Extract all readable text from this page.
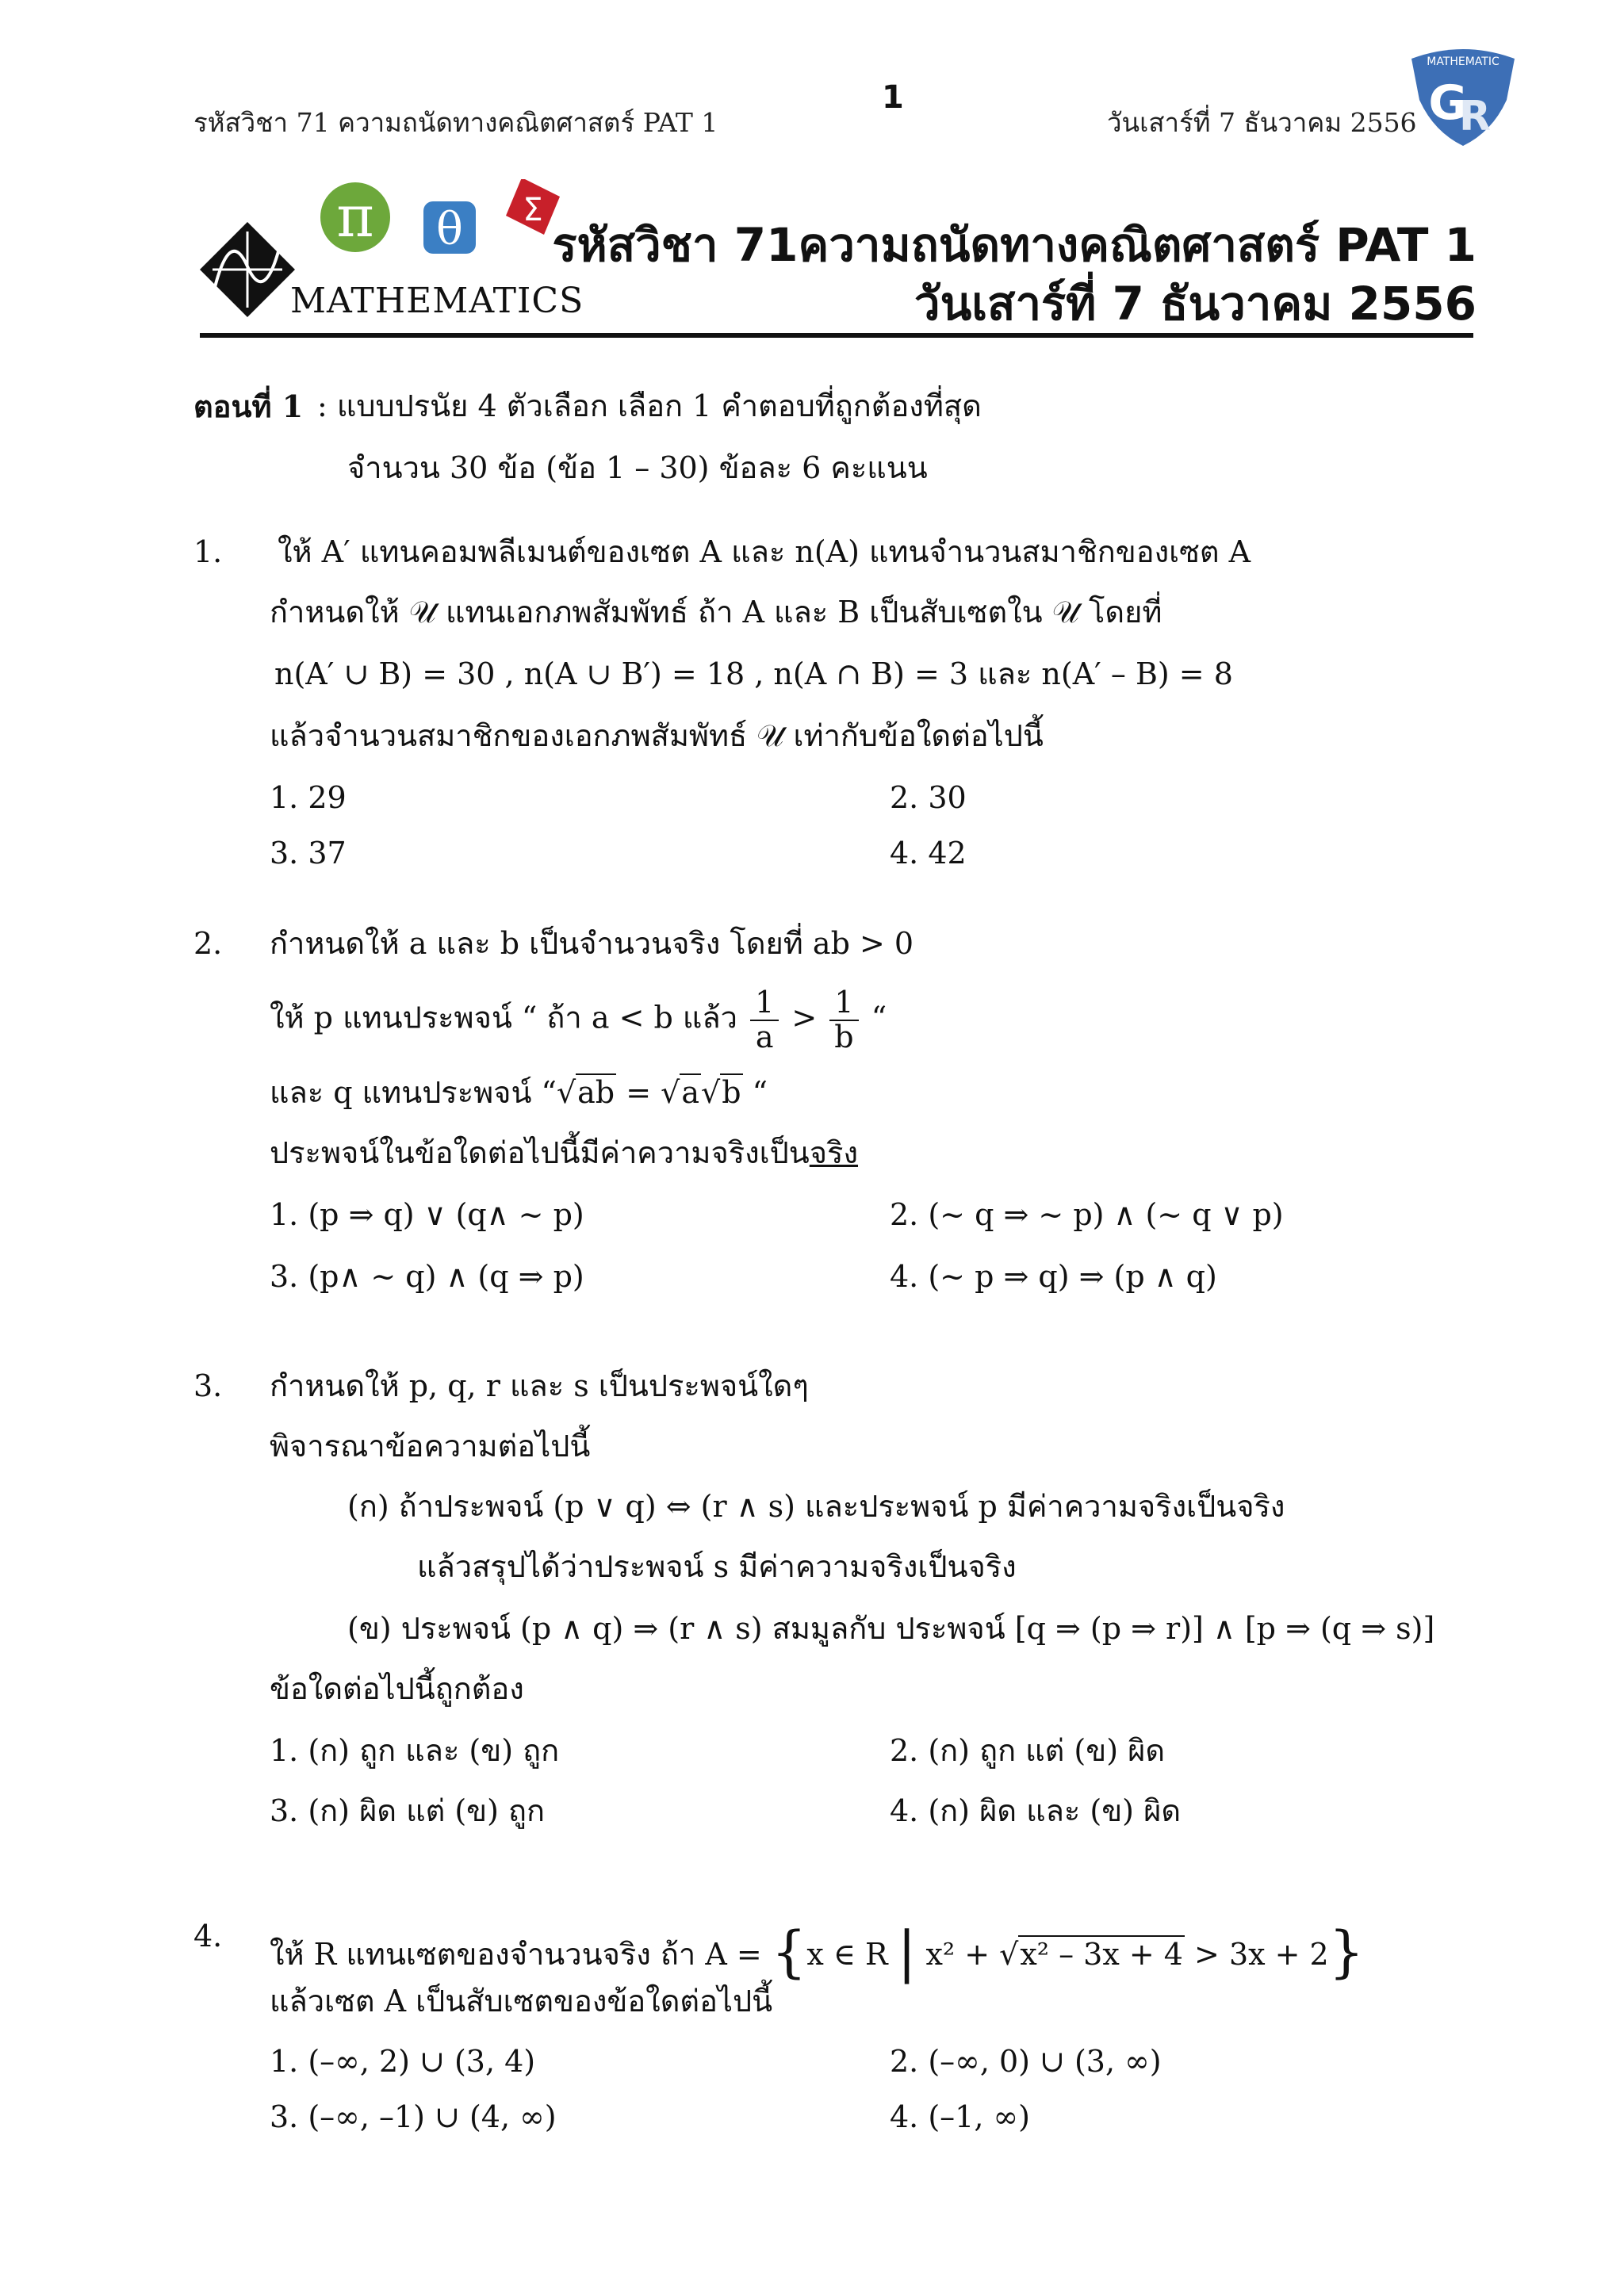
รหัสวิชา 71 ความถนัดทางคณิตศาสตร์ PAT 1
1
วันเสาร์ที่ 7 ธันวาคม 2556
MATHEMATIC
G
R
π θ Σ
MATHEMATICS
รหัสวิชา 71ความถนัดทางคณิตศาสตร์ PAT 1
วันเสาร์ที่ 7 ธันวาคม 2556
ตอนที่ 1 : แบบปรนัย 4 ตัวเลือก เลือก 1 คำตอบที่ถูกต้องที่สุด
จำนวน 30 ข้อ (ข้อ 1 – 30) ข้อละ 6 คะแนน
1. ให้ A′ แทนคอมพลีเมนต์ของเซต A และ n(A) แทนจำนวนสมาชิกของเซต A
กำหนดให้ 𝒰 แทนเอกภพสัมพัทธ์ ถ้า A และ B เป็นสับเซตใน 𝒰 โดยที่
n(A′ ∪ B) = 30 , n(A ∪ B′) = 18 , n(A ∩ B) = 3 และ n(A′ – B) = 8
แล้วจำนวนสมาชิกของเอกภพสัมพัทธ์ 𝒰 เท่ากับข้อใดต่อไปนี้
1. 29	2. 30
3. 37	4. 42
2. กำหนดให้ a และ b เป็นจำนวนจริง โดยที่ ab > 0
ให้ p แทนประพจน์ “ ถ้า a < b แล้ว $\frac{1}{a} > \frac{1}{b}$ “
และ q แทนประพจน์ “√ab = √a√b “
ประพจน์ในข้อใดต่อไปนี้มีค่าความจริงเป็นจริง
1. (p ⇒ q) ∨ (q∧ ~ p)	2. (~ q ⇒ ~ p) ∧ (~ q ∨ p)
3. (p∧ ~ q) ∧ (q ⇒ p)	4. (~ p ⇒ q) ⇒ (p ∧ q)
3. กำหนดให้ p, q, r และ s เป็นประพจน์ใดๆ
พิจารณาข้อความต่อไปนี้
(ก) ถ้าประพจน์ (p ∨ q) ⇔ (r ∧ s) และประพจน์ p มีค่าความจริงเป็นจริง
แล้วสรุปได้ว่าประพจน์ s มีค่าความจริงเป็นจริง
(ข) ประพจน์ (p ∧ q) ⇒ (r ∧ s) สมมูลกับ ประพจน์ [q ⇒ (p ⇒ r)] ∧ [p ⇒ (q ⇒ s)]
ข้อใดต่อไปนี้ถูกต้อง
1. (ก) ถูก และ (ข) ถูก	2. (ก) ถูก แต่ (ข) ผิด
3. (ก) ผิด แต่ (ข) ถูก	4. (ก) ผิด และ (ข) ผิด
4.
ให้ R แทนเซตของจำนวนจริง ถ้า A = {x ∈ R | x² + √x² – 3x + 4 > 3x + 2}
แล้วเซต A เป็นสับเซตของข้อใดต่อไปนี้
1. (–∞, 2) ∪ (3, 4)	2. (–∞, 0) ∪ (3, ∞)
3. (–∞, –1) ∪ (4, ∞)	4. (–1, ∞)
